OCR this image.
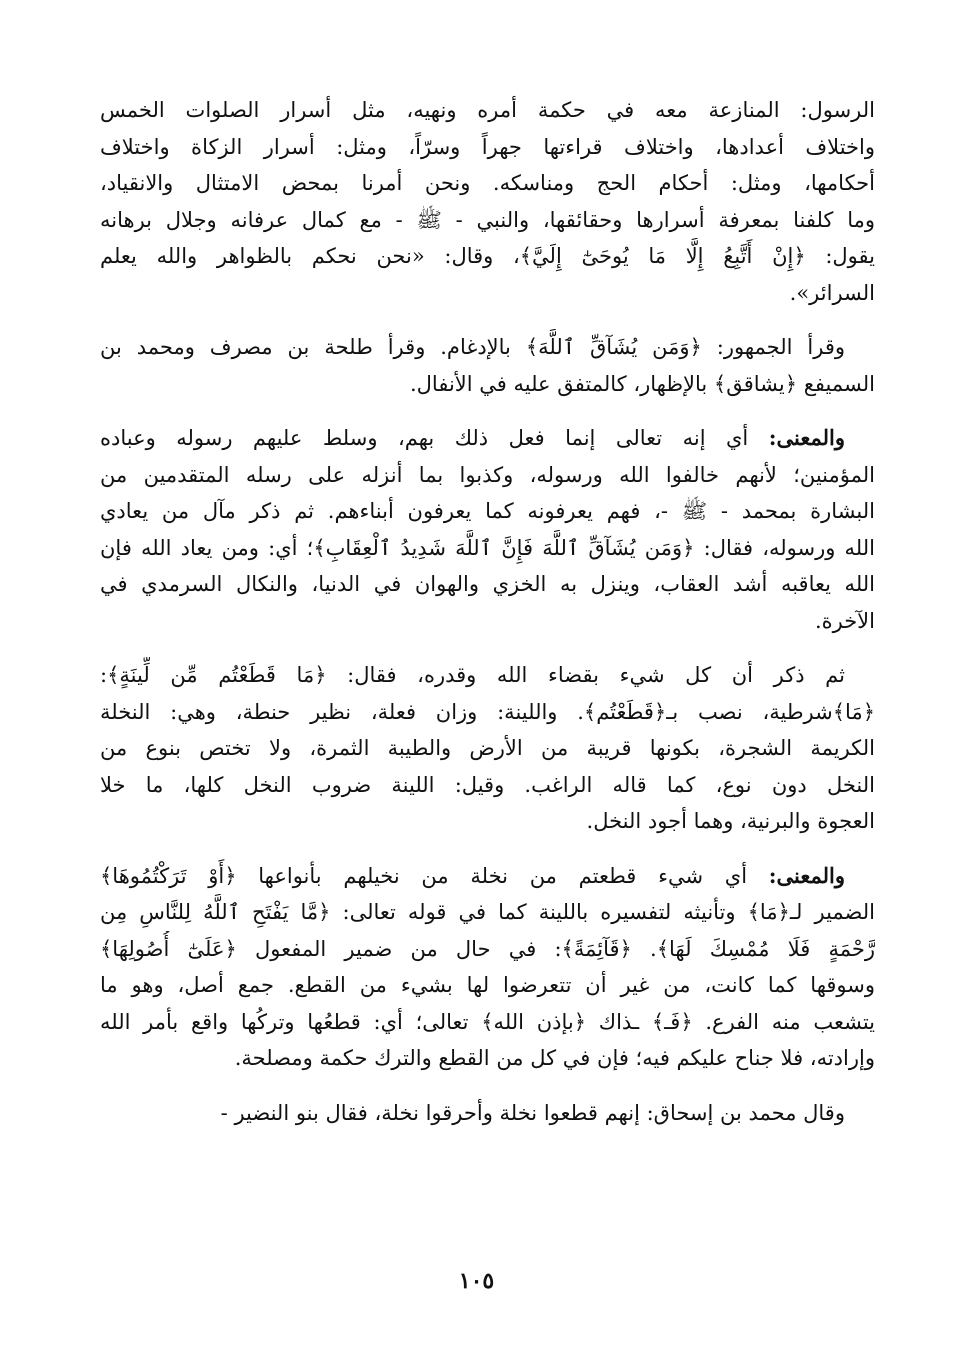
الرسول: المنازعة معه في حكمة أمره ونهيه، مثل أسرار الصلوات الخمس
واختلاف أعدادها، واختلاف قراءتها جهراً وسرّاً، ومثل: أسرار الزكاة واختلاف
أحكامها، ومثل: أحكام الحج ومناسكه. ونحن أمرنا بمحض الامتثال والانقياد،
وما كلفنا بمعرفة أسرارها وحقائقها، والنبي - ﷺ - مع كمال عرفانه وجلال برهانه
يقول: ﴿إِنْ أَتَّبِعُ إِلَّا مَا يُوحَىٰٓ إِلَيَّ﴾، وقال: «نحن نحكم بالظواهر والله يعلم
السرائر».
وقرأ الجمهور: ﴿وَمَن يُشَآقِّ ٱللَّهَ﴾ بالإدغام. وقرأ طلحة بن مصرف ومحمد بن
السميفع ﴿يشاقق﴾ بالإظهار، كالمتفق عليه في الأنفال.
والمعنى: أي إنه تعالى إنما فعل ذلك بهم، وسلط عليهم رسوله وعباده
المؤمنين؛ لأنهم خالفوا الله ورسوله، وكذبوا بما أنزله على رسله المتقدمين من
البشارة بمحمد - ﷺ -، فهم يعرفونه كما يعرفون أبناءهم. ثم ذكر مآل من يعادي
الله ورسوله، فقال: ﴿وَمَن يُشَآقِّ ٱللَّهَ فَإِنَّ ٱللَّهَ شَدِيدُ ٱلْعِقَابِ﴾؛ أي: ومن يعاد الله فإن
الله يعاقبه أشد العقاب، وينزل به الخزي والهوان في الدنيا، والنكال السرمدي في
الآخرة.
ثم ذكر أن كل شيء بقضاء الله وقدره، فقال: ﴿مَا قَطَعْتُم مِّن لِّينَةٍ﴾:
﴿مَا﴾شرطية، نصب بـ﴿قَطَعْتُم﴾. واللينة: وزان فعلة، نظير حنطة، وهي: النخلة
الكريمة الشجرة، بكونها قريبة من الأرض والطيبة الثمرة، ولا تختص بنوع من
النخل دون نوع، كما قاله الراغب. وقيل: اللينة ضروب النخل كلها، ما خلا
العجوة والبرنية، وهما أجود النخل.
والمعنى: أي شيء قطعتم من نخلة من نخيلهم بأنواعها ﴿أَوْ تَرَكْتُمُوهَا﴾
الضمير لـ﴿مَا﴾ وتأنيثه لتفسيره باللينة كما في قوله تعالى: ﴿مَّا يَفْتَحِ ٱللَّهُ لِلنَّاسِ مِن
رَّحْمَةٍ فَلَا مُمْسِكَ لَهَا﴾. ﴿قَآئِمَةً﴾: في حال من ضمير المفعول ﴿عَلَىٰٓ أُصُولِهَا﴾
وسوقها كما كانت، من غير أن تتعرضوا لها بشيء من القطع. جمع أصل، وهو ما
يتشعب منه الفرع. ﴿فَـ﴾ ـذاك ﴿بإذن الله﴾ تعالى؛ أي: قطعُها وتركُها واقع بأمر الله
وإرادته، فلا جناح عليكم فيه؛ فإن في كل من القطع والترك حكمة ومصلحة.
وقال محمد بن إسحاق: إنهم قطعوا نخلة وأحرقوا نخلة، فقال بنو النضير -
١٠٥
